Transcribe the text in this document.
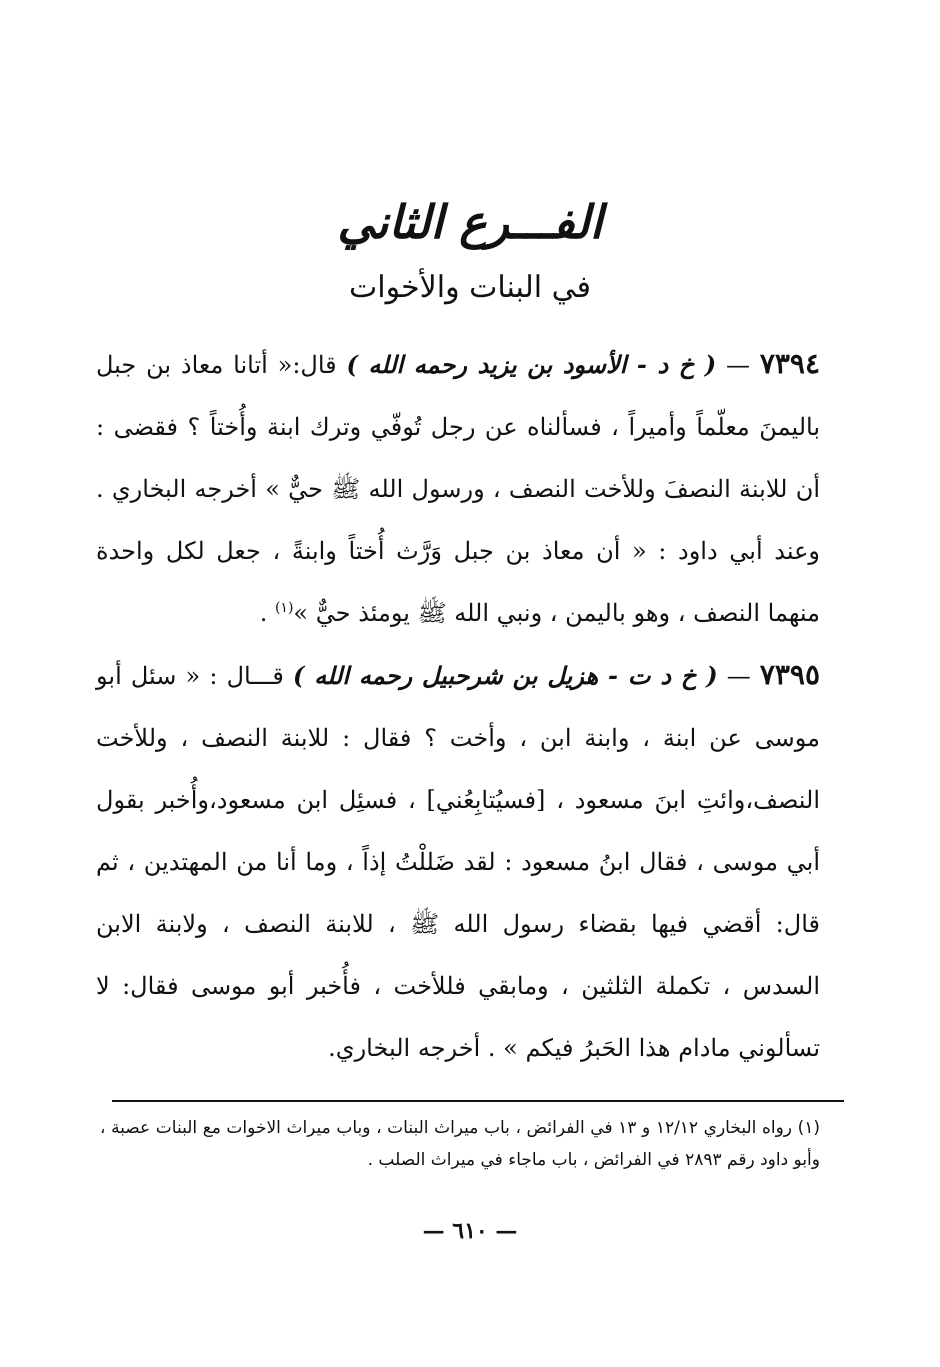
الفـــرع الثاني
في البنات والأخوات

٧٣٩٤ — ( خ د - الأسود بن يزيد رحمه الله ) قال:« أتانا معاذ بن جبل باليمنَ معلّماً وأميراً ، فسألناه عن رجل تُوفّي وترك ابنة وأُختاً ؟ فقضى : أن للابنة النصفَ وللأخت النصف ، ورسول الله ﷺ حيٌّ » أخرجه البخاري . وعند أبي داود : « أن معاذ بن جبل وَرَّث أُختاً وابنةً ، جعل لكل واحدة منهما النصف ، وهو باليمن ، ونبي الله ﷺ يومئذ حيٌّ »$^{(١)}$ .

٧٣٩٥ — ( خ د ت - هزيل بن شرحبيل رحمه الله ) قـــال : « سئل أبو موسى عن ابنة ، وابنة ابن ، وأخت ؟ فقال : للابنة النصف ، وللأخت النصف،وائتِ ابنَ مسعود ، [فسيُتابِعُني] ، فسئِل ابن مسعود،وأُخبر بقول أبي موسى ، فقال ابنُ مسعود : لقد ضَللْتُ إذاً ، وما أنا من المهتدين ، ثم قال: أقضي فيها بقضاء رسول الله ﷺ ، للابنة النصف ، ولابنة الابن السدس ، تكملة الثلثين ، ومابقي فللأخت ، فأُخبر أبو موسى فقال: لا تسألوني مادام هذا الحَبرُ فيكم » . أخرجه البخاري.

(١) رواه البخاري ١٢/١٢ و ١٣ في الفرائض ، باب ميراث البنات ، وباب ميراث الاخوات مع البنات عصبة ، وأبو داود رقم ٢٨٩٣ في الفرائض ، باب ماجاء في ميراث الصلب .
— ٦١٠ —
